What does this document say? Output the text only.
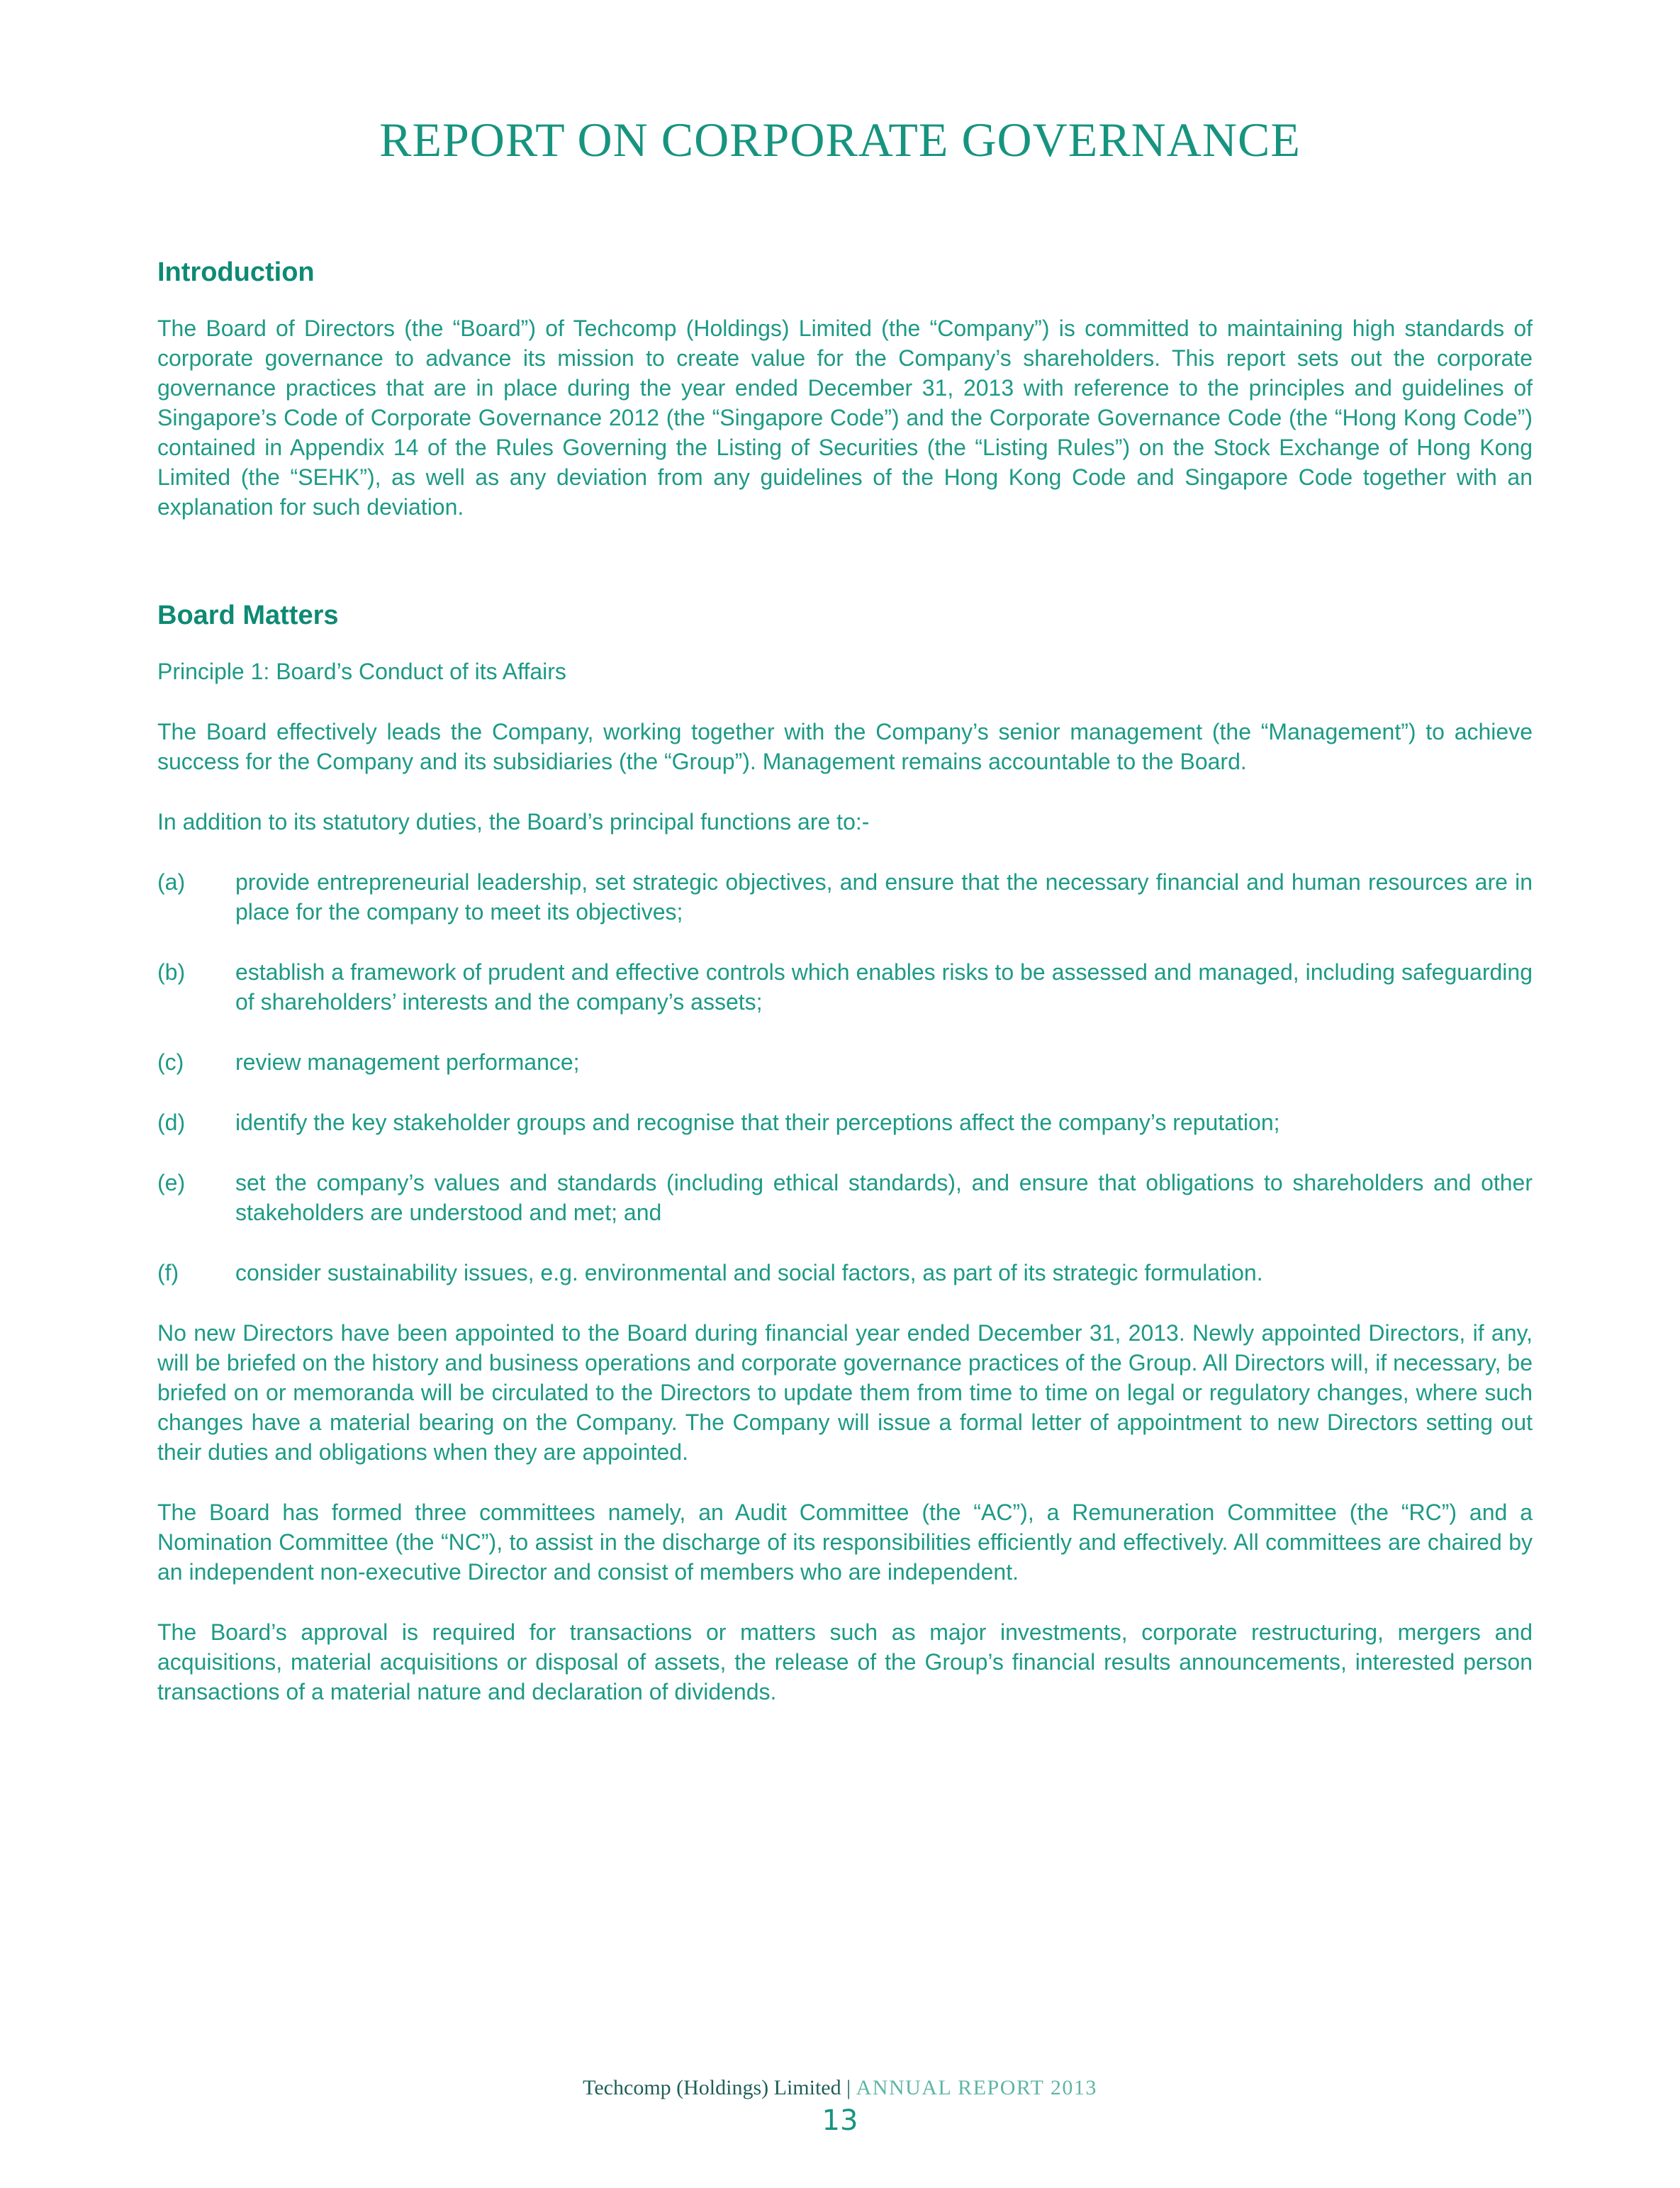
REPORT ON CORPORATE GOVERNANCE
Introduction

The Board of Directors (the “Board”) of Techcomp (Holdings) Limited (the “Company”) is committed to maintaining high standards of corporate governance to advance its mission to create value for the Company’s shareholders. This report sets out the corporate governance practices that are in place during the year ended December 31, 2013 with reference to the principles and guidelines of Singapore’s Code of Corporate Governance 2012 (the “Singapore Code”) and the Corporate Governance Code (the “Hong Kong Code”) contained in Appendix 14 of the Rules Governing the Listing of Securities (the “Listing Rules”) on the Stock Exchange of Hong Kong Limited (the “SEHK”), as well as any deviation from any guidelines of the Hong Kong Code and Singapore Code together with an explanation for such deviation.

Board Matters

Principle 1: Board’s Conduct of its Affairs

The Board effectively leads the Company, working together with the Company’s senior management (the “Management”) to achieve success for the Company and its subsidiaries (the “Group”). Management remains accountable to the Board.

In addition to its statutory duties, the Board’s principal functions are to:-

(a)	provide entrepreneurial leadership, set strategic objectives, and ensure that the necessary financial and human resources are in place for the company to meet its objectives;
(b)	establish a framework of prudent and effective controls which enables risks to be assessed and managed, including safeguarding of shareholders’ interests and the company’s assets;
(c)	review management performance;
(d)	identify the key stakeholder groups and recognise that their perceptions affect the company’s reputation;
(e)	set the company’s values and standards (including ethical standards), and ensure that obligations to shareholders and other stakeholders are understood and met; and
(f)	consider sustainability issues, e.g. environmental and social factors, as part of its strategic formulation.

No new Directors have been appointed to the Board during financial year ended December 31, 2013. Newly appointed Directors, if any, will be briefed on the history and business operations and corporate governance practices of the Group. All Directors will, if necessary, be briefed on or memoranda will be circulated to the Directors to update them from time to time on legal or regulatory changes, where such changes have a material bearing on the Company. The Company will issue a formal letter of appointment to new Directors setting out their duties and obligations when they are appointed.

The Board has formed three committees namely, an Audit Committee (the “AC”), a Remuneration Committee (the “RC”) and a Nomination Committee (the “NC”), to assist in the discharge of its responsibilities efficiently and effectively. All committees are chaired by an independent non-executive Director and consist of members who are independent.

The Board’s approval is required for transactions or matters such as major investments, corporate restructuring, mergers and acquisitions, material acquisitions or disposal of assets, the release of the Group’s financial results announcements, interested person transactions of a material nature and declaration of dividends.

Techcomp (Holdings) Limited | ANNUAL REPORT 2013
13
